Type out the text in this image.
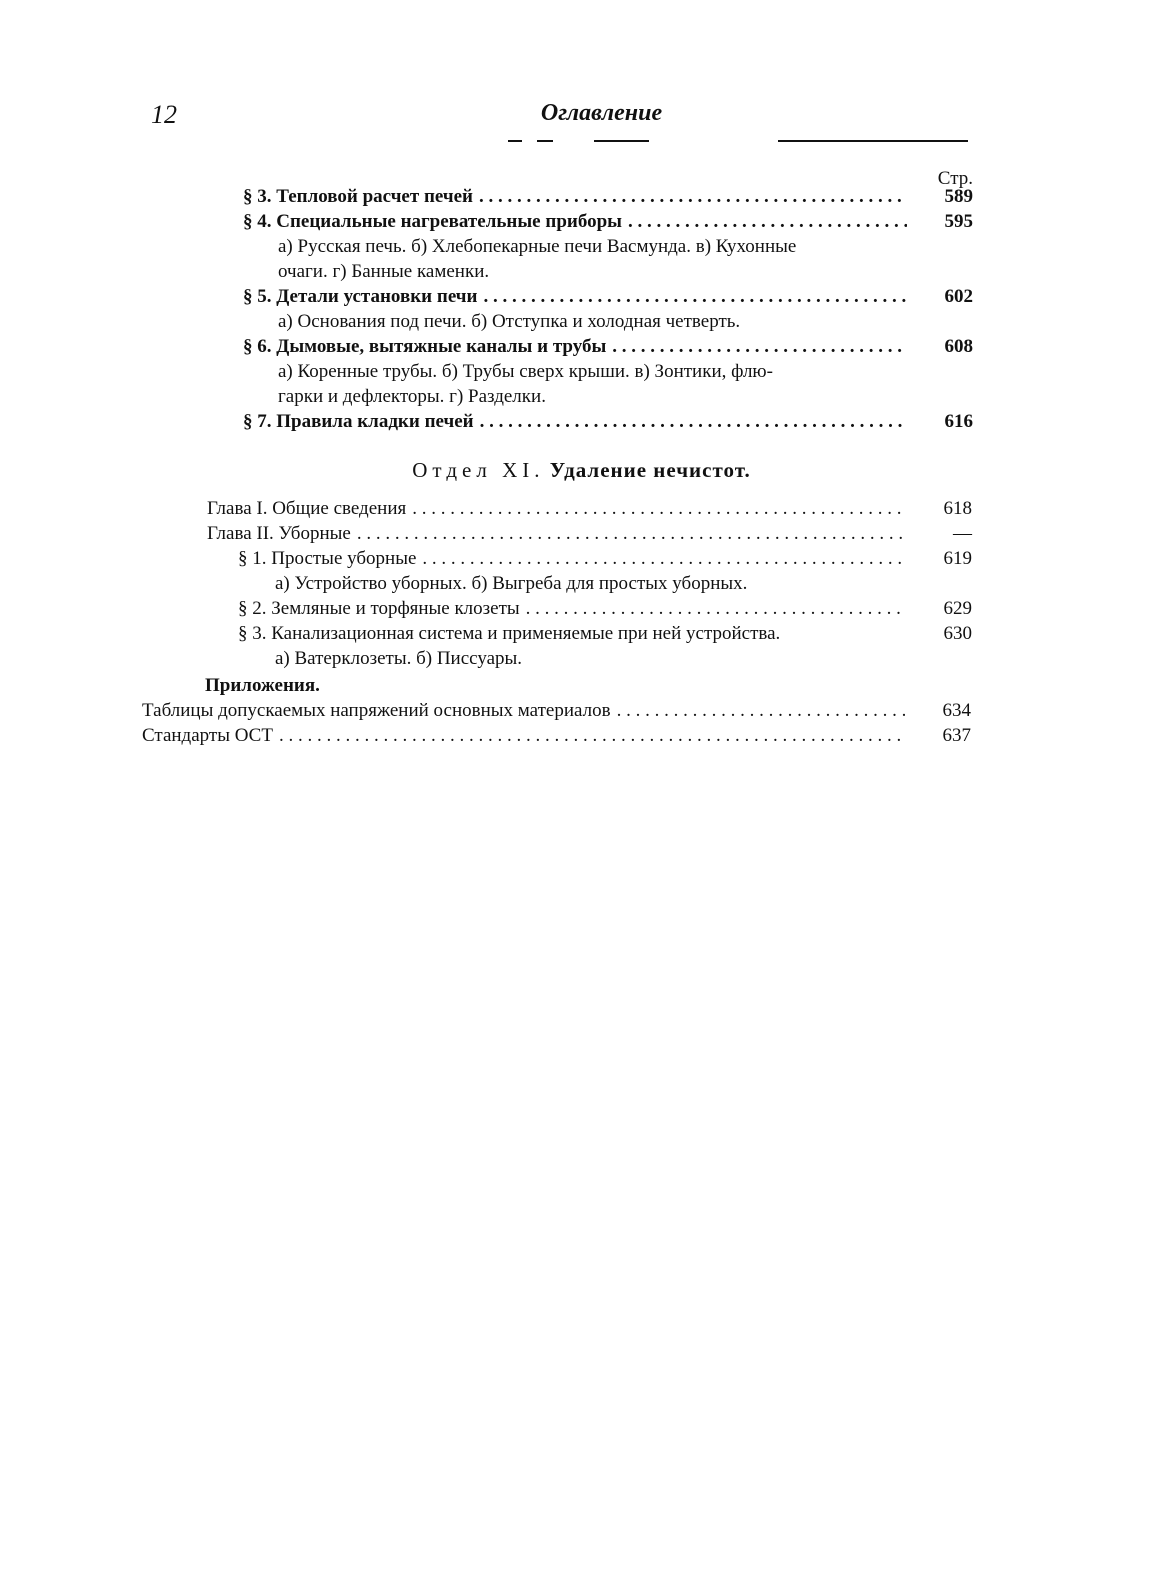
12	Оглавление
Стр.
§ 3. Тепловой расчет печей . . .	589
§ 4. Специальные нагревательные приборы . . .	595
а) Русская печь. б) Хлебопекарные печи Васмунда. в) Кухонные
очаги. г) Банные каменки.
§ 5. Детали установки печи . . .	602
а) Основания под печи. б) Отступка и холодная четверть.
§ 6. Дымовые, вытяжные каналы и трубы . . .	608
а) Коренные трубы. б) Трубы сверх крыши. в) Зонтики, флю-
гарки и дефлекторы. г) Разделки.
§ 7. Правила кладки печей . . .	616
Отдел XI. Удаление нечистот.
Глава I. Общие сведения . . .	618
Глава II. Уборные . . .	—
§ 1. Простые уборные . . .	619
а) Устройство уборных. б) Выгреба для простых уборных.
§ 2. Земляные и торфяные клозеты . . .	629
§ 3. Канализационная система и применяемые при ней устройства.	630
а) Ватерклозеты. б) Писсуары.
Приложения.
Таблицы допускаемых напряжений основных материалов . . .	634
Стандарты ОСТ . . .	637
